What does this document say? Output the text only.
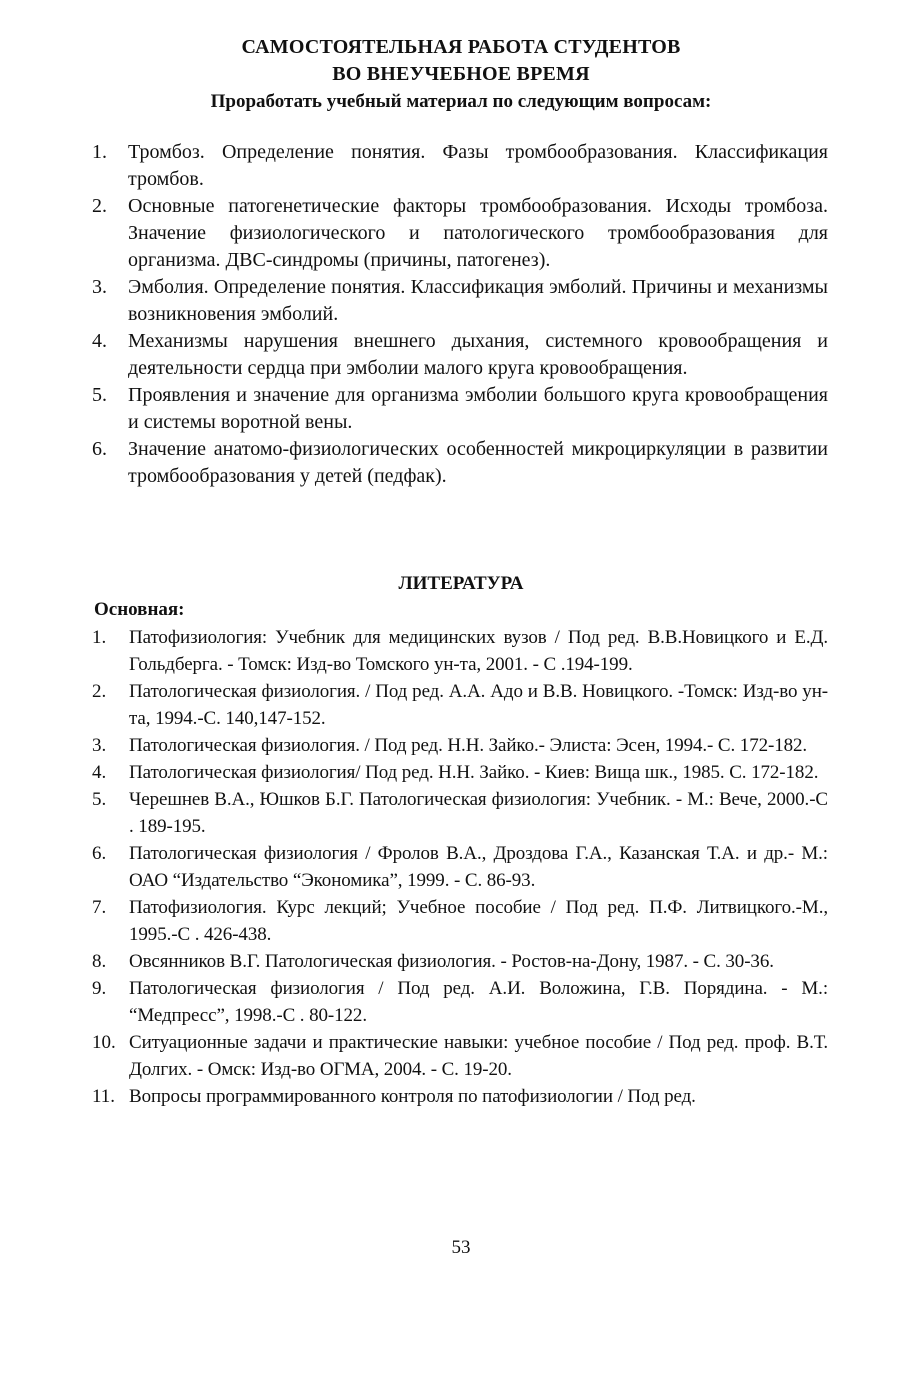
САМОСТОЯТЕЛЬНАЯ РАБОТА СТУДЕНТОВ
ВО ВНЕУЧЕБНОЕ ВРЕМЯ
Проработать учебный материал по следующим вопросам:
1.	Тромбоз. Определение понятия. Фазы тромбообразования. Классификация тромбов.
2.	Основные патогенетические факторы тромбообразования. Исходы тромбоза. Значение физиологического и патологического тромбообразования для организма. ДВС-синдромы (причины, патогенез).
3.	Эмболия. Определение понятия. Классификация эмболий. Причины и механизмы возникновения эмболий.
4.	Механизмы нарушения внешнего дыхания, системного кровообращения и деятельности сердца при эмболии малого круга кровообращения.
5.	Проявления и значение для организма эмболии большого круга кровообращения и системы воротной вены.
6.	Значение анатомо-физиологических особенностей микроциркуляции в развитии тромбообразования у детей (педфак).
ЛИТЕРАТУРА
Основная:
1.	Патофизиология: Учебник для медицинских вузов / Под ред. В.В.Новицкого и Е.Д. Гольдберга. - Томск: Изд-во Томского ун-та, 2001. - С .194-199.
2.	Патологическая физиология. / Под ред. А.А. Адо и В.В. Новицкого. -Томск: Изд-во ун-та, 1994.-С. 140,147-152.
3.	Патологическая физиология. / Под ред. Н.Н. Зайко.- Элиста: Эсен, 1994.- С. 172-182.
4.	Патологическая физиология/ Под ред. Н.Н. Зайко. - Киев: Вища шк., 1985. С. 172-182.
5.	Черешнев В.А., Юшков Б.Г. Патологическая физиология: Учебник. - М.: Вече, 2000.-С . 189-195.
6.	Патологическая физиология / Фролов В.А., Дроздова Г.А., Казанская Т.А. и др.- М.: ОАО “Издательство “Экономика”, 1999. - С. 86-93.
7.	Патофизиология. Курс лекций; Учебное пособие / Под ред. П.Ф. Литвицкого.-М., 1995.-С . 426-438.
8.	Овсянников В.Г. Патологическая физиология. - Ростов-на-Дону, 1987. - С. 30-36.
9.	Патологическая физиология / Под ред. А.И. Воложина, Г.В. Порядина. - М.: “Медпресс”, 1998.-С . 80-122.
10. Ситуационные задачи и практические навыки: учебное пособие / Под ред. проф. В.Т. Долгих. - Омск: Изд-во ОГМА, 2004. - С. 19-20.
11. Вопросы программированного контроля по патофизиологии / Под ред.
53
